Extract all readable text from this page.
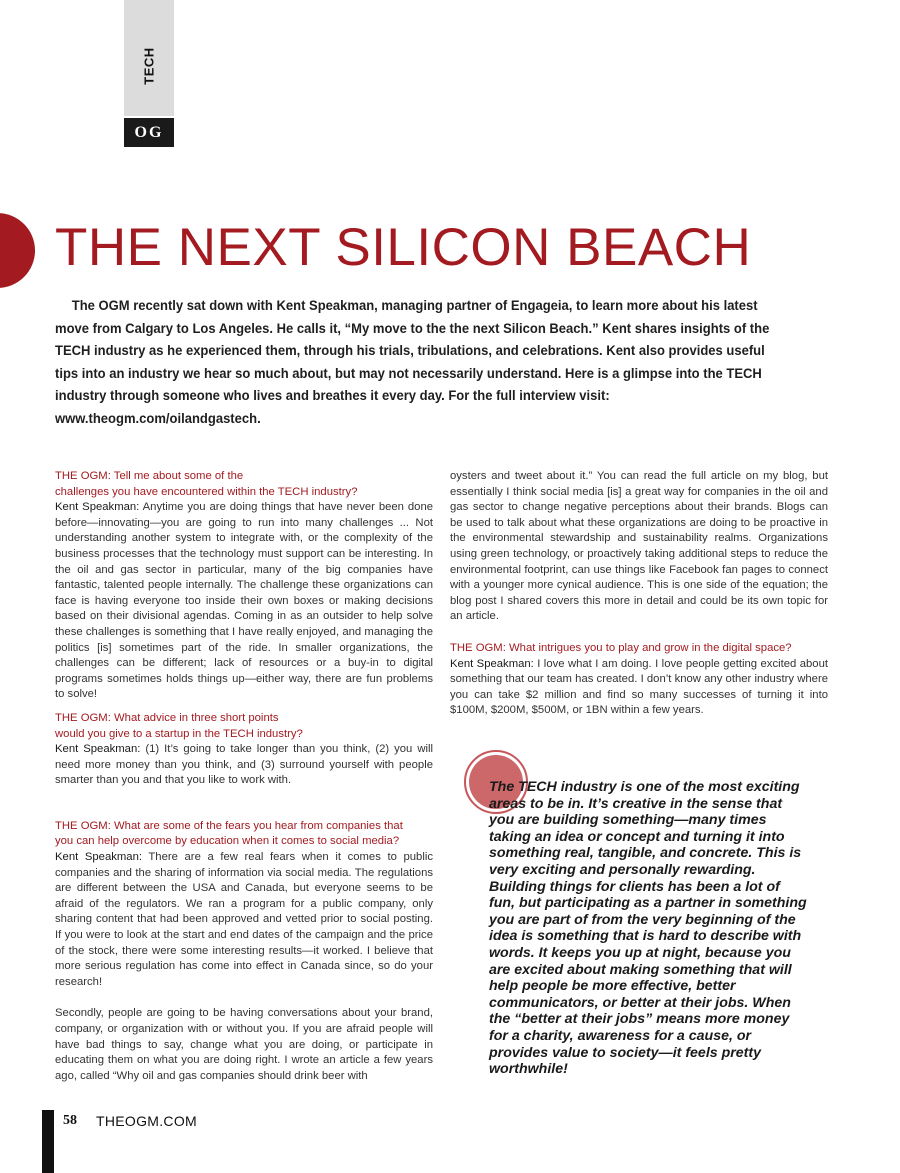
TECH
OG
THE NEXT SILICON BEACH

The OGM recently sat down with Kent Speakman, managing partner of Engageia, to learn more about his latest move from Calgary to Los Angeles. He calls it, “My move to the the next Silicon Beach.” Kent shares insights of the TECH industry as he experienced them, through his trials, tribulations, and celebrations. Kent also provides useful tips into an industry we hear so much about, but may not necessarily understand. Here is a glimpse into the TECH industry through someone who lives and breathes it every day. For the full interview visit: www.theogm.com/oilandgastech.

THE OGM: Tell me about some of the
challenges you have encountered within the TECH industry?

Kent Speakman: Anytime you are doing things that have never been done before—innovating—you are going to run into many challenges ... Not understanding another system to integrate with, or the complexity of the business processes that the technology must support can be interesting. In the oil and gas sector in particular, many of the big companies have fantastic, talented people internally. The challenge these organizations can face is having everyone too inside their own boxes or making decisions based on their divisional agendas. Coming in as an outsider to help solve these challenges is something that I have really enjoyed, and managing the politics [is] sometimes part of the ride. In smaller organizations, the challenges can be different; lack of resources or a buy-in to digital programs sometimes holds things up—either way, there are fun problems to solve!

THE OGM: What advice in three short points
would you give to a startup in the TECH industry?

Kent Speakman: (1) It’s going to take longer than you think, (2) you will need more money than you think, and (3) surround yourself with people smarter than you and that you like to work with.

THE OGM: What are some of the fears you hear from companies that
you can help overcome by education when it comes to social media?

Kent Speakman: There are a few real fears when it comes to public companies and the sharing of information via social media. The regulations are different between the USA and Canada, but everyone seems to be afraid of the regulators. We ran a program for a public company, only sharing content that had been approved and vetted prior to social posting. If you were to look at the start and end dates of the campaign and the price of the stock, there were some interesting results—it worked. I believe that more serious regulation has come into effect in Canada since, so do your research!

Secondly, people are going to be having conversations about your brand, company, or organization with or without you. If you are afraid people will have bad things to say, change what you are doing, or participate in educating them on what you are doing right. I wrote an article a few years ago, called “Why oil and gas companies should drink beer with

oysters and tweet about it.” You can read the full article on my blog, but essentially I think social media [is] a great way for companies in the oil and gas sector to change negative perceptions about their brands. Blogs can be used to talk about what these organizations are doing to be proactive in the environmental stewardship and sustainability realms. Organizations using green technology, or proactively taking additional steps to reduce the environmental footprint, can use things like Facebook fan pages to connect with a younger more cynical audience. This is one side of the equation; the blog post I shared covers this more in detail and could be its own topic for an article.

THE OGM: What intrigues you to play and grow in the digital space?

Kent Speakman: I love what I am doing. I love people getting excited about something that our team has created. I don’t know any other industry where you can take $2 million and find so many successes of turning it into $100M, $200M, $500M, or 1BN within a few years.

The TECH industry is one of the most exciting areas to be in. It’s creative in the sense that you are building something—many times taking an idea or concept and turning it into something real, tangible, and concrete. This is very exciting and personally rewarding. Building things for clients has been a lot of fun, but participating as a partner in something you are part of from the very beginning of the idea is something that is hard to describe with words. It keeps you up at night, because you are excited about making something that will help people be more effective, better communicators, or better at their jobs. When the “better at their jobs” means more money for a charity, awareness for a cause, or provides value to society—it feels pretty worthwhile!

58 THEOGM.COM
